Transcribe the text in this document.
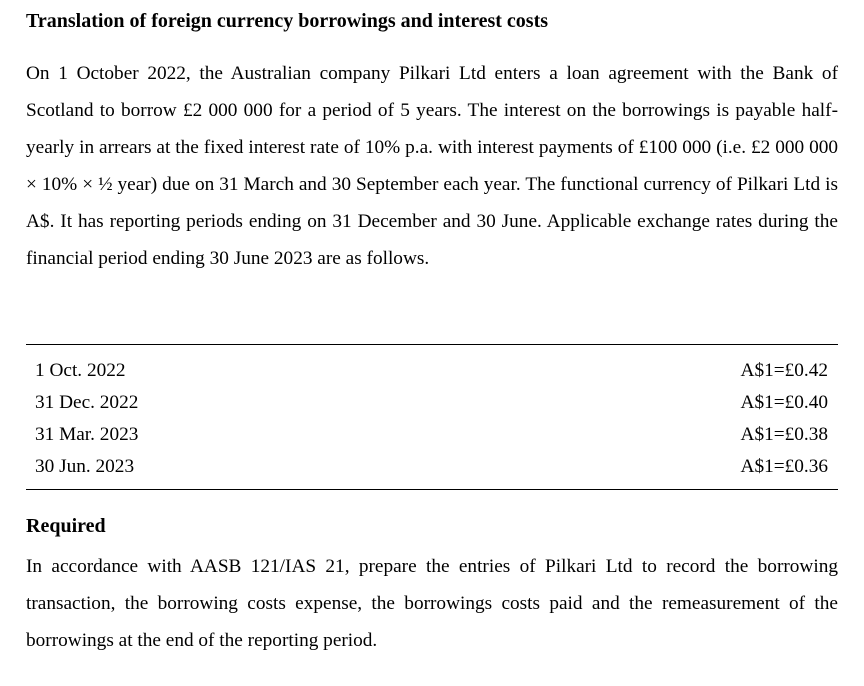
Translation of foreign currency borrowings and interest costs

On 1 October 2022, the Australian company Pilkari Ltd enters a loan agreement with the Bank of Scotland to borrow £2 000 000 for a period of 5 years. The interest on the borrowings is payable half-yearly in arrears at the fixed interest rate of 10% p.a. with interest payments of £100 000 (i.e. £2 000 000 × 10% × ½ year) due on 31 March and 30 September each year. The functional currency of Pilkari Ltd is A$. It has reporting periods ending on 31 December and 30 June. Applicable exchange rates during the financial period ending 30 June 2023 are as follows.

1 Oct. 2022	A$1=£0.42
31 Dec. 2022	A$1=£0.40
31 Mar. 2023	A$1=£0.38
30 Jun. 2023	A$1=£0.36
Required

In accordance with AASB 121/IAS 21, prepare the entries of Pilkari Ltd to record the borrowing transaction, the borrowing costs expense, the borrowings costs paid and the remeasurement of the borrowings at the end of the reporting period.
